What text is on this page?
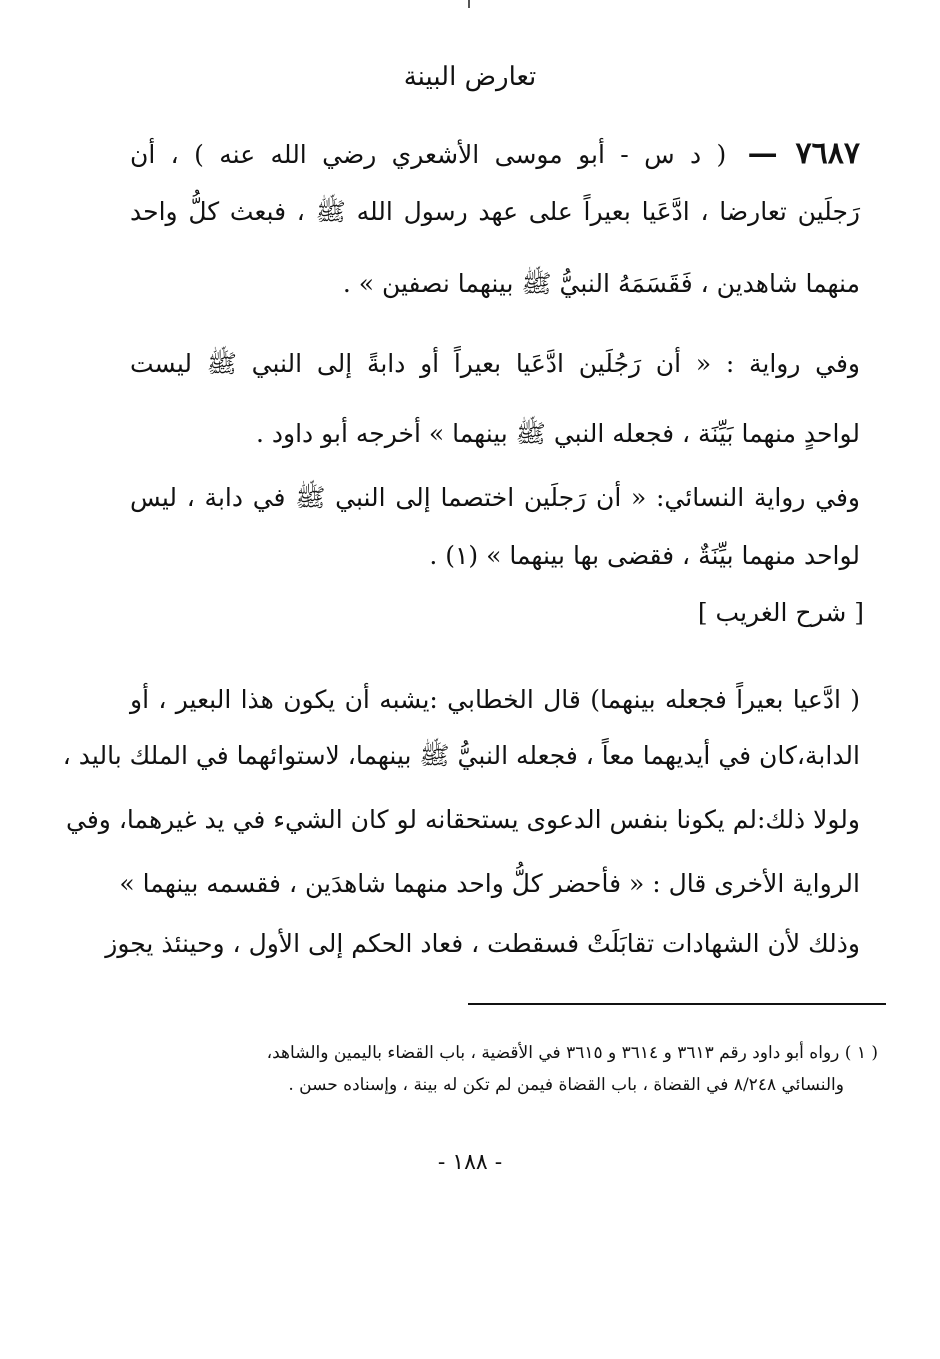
تعارض البينة
٧٦٨٧ — ( د س - أبو موسى الأشعري رضي الله عنه ) ، أن
رَجلَين تعارضا ، ادَّعَيا بعيراً على عهد رسول الله ﷺ ، فبعث كلُّ واحد
منهما شاهدين ، فَقَسَمَهُ النبيُّ ﷺ بينهما نصفين » .
وفي رواية : « أن رَجُلَين ادَّعَيا بعيراً أو دابةً إلى النبي ﷺ ليست
لواحدٍ منهما بَيِّنَة ، فجعله النبي ﷺ بينهما » أخرجه أبو داود .
وفي رواية النسائي: « أن رَجلَين اختصما إلى النبي ﷺ في دابة ، ليس
لواحد منهما بيِّنَةٌ ، فقضى بها بينهما » (١) .
[ شرح الغريب ]
( ادَّعيا بعيراً فجعله بينهما) قال الخطابي :يشبه أن يكون هذا البعير ، أو
الدابة،كان في أيديهما معاً ، فجعله النبيُّ ﷺ بينهما، لاستوائهما في الملك باليد ،
ولولا ذلك:لم يكونا بنفس الدعوى يستحقانه لو كان الشيء في يد غيرهما، وفي
الرواية الأخرى قال : « فأحضر كلُّ واحد منهما شاهدَين ، فقسمه بينهما »
وذلك لأن الشهادات تقابَلَتْ فسقطت ، فعاد الحكم إلى الأول ، وحينئذ يجوز
( ١ ) رواه أبو داود رقم ٣٦١٣ و ٣٦١٤ و ٣٦١٥ في الأقضية ، باب القضاء باليمين والشاهد،
والنسائي ٨/٢٤٨ في القضاة ، باب القضاة فيمن لم تكن له بينة ، وإسناده حسن .
- ١٨٨ -
